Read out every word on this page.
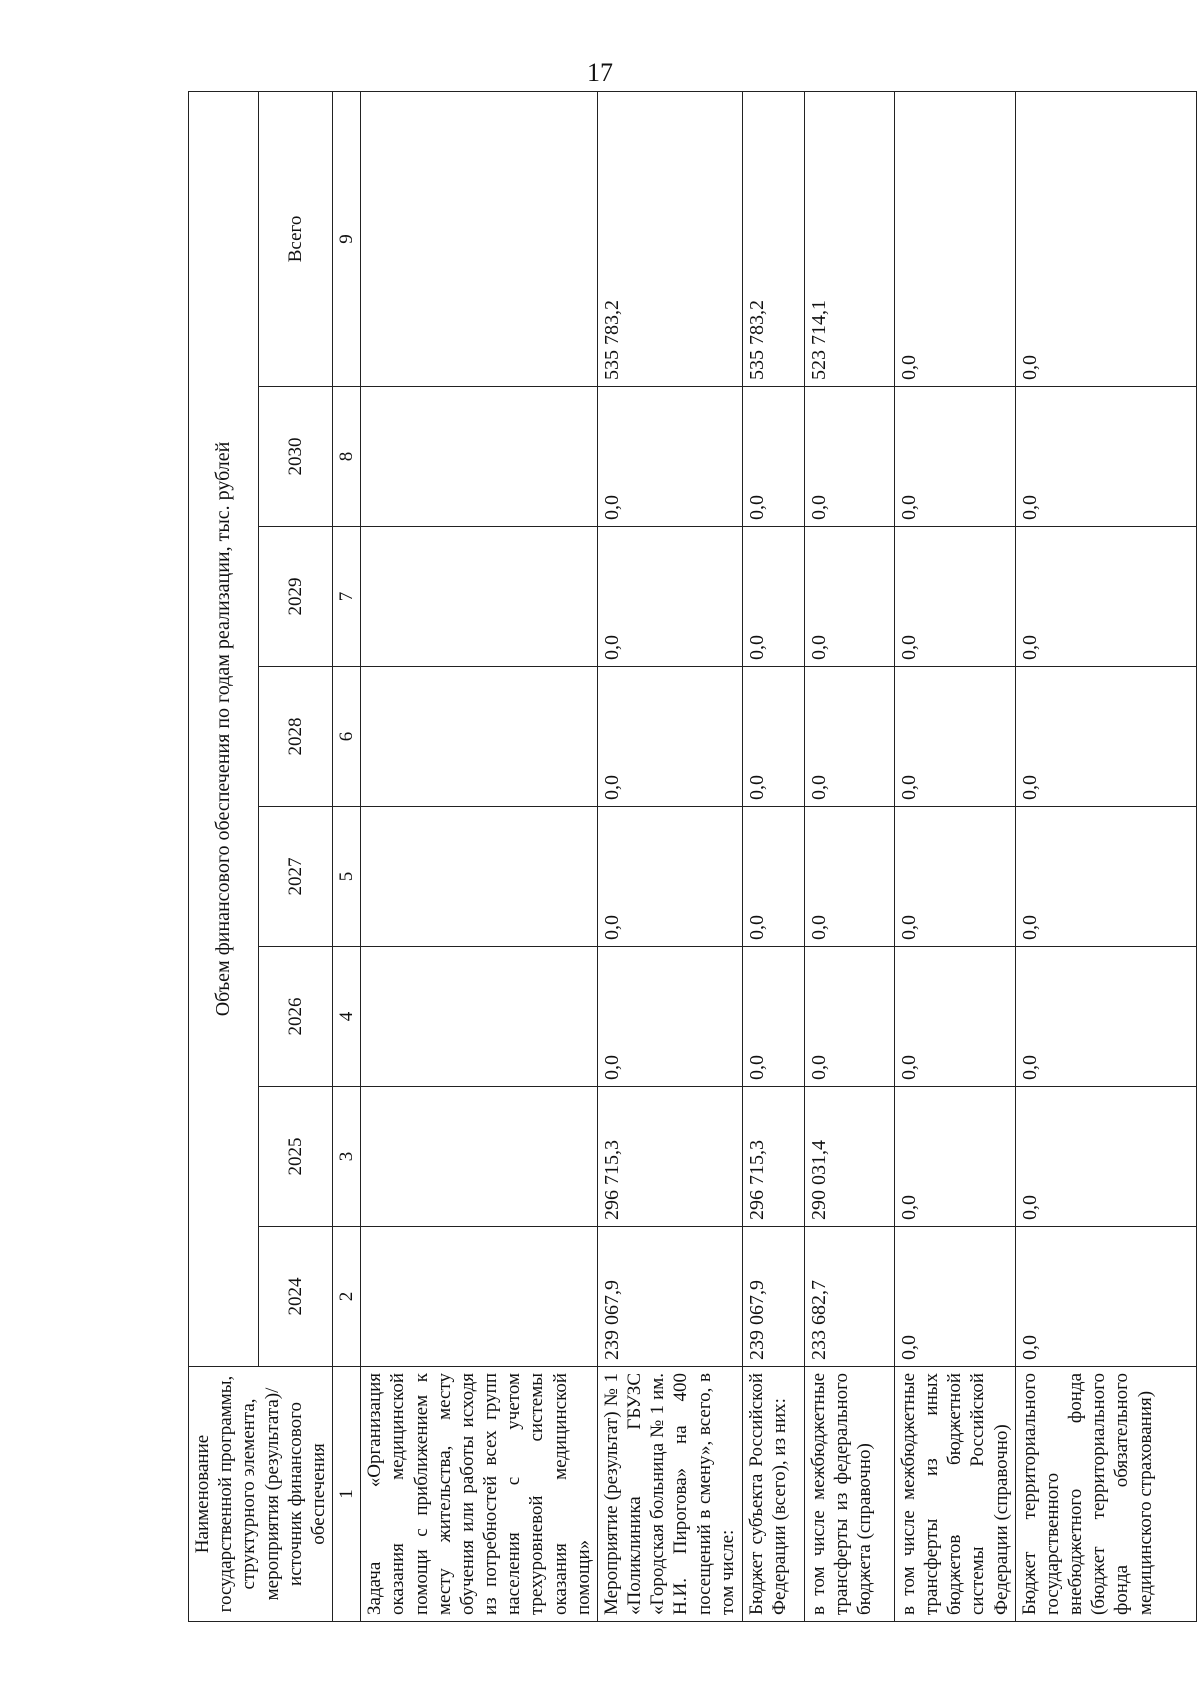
17
Наименование государственной программы, структурного элемента, мероприятия (результата)/источник финансового обеспечения	Объем финансового обеспечения по годам реализации, тыс. рублей							
	2024	2025	2026	2027	2028	2029	2030	Всего
1	2	3	4	5	6	7	8	9
Задача «Организация оказания медицинской помощи с приближением к месту жительства, месту обучения или работы исходя из потребностей всех групп населения с учетом трехуровневой системы оказания медицинской помощи»								
Мероприятие (результат) № 1 «Поликлиника ГБУЗС «Городская больница № 1 им. Н.И. Пирогова» на 400 посещений в смену», всего, в том числе:	239 067,9	296 715,3	0,0	0,0	0,0	0,0	0,0	535 783,2
Бюджет субъекта Российской Федерации (всего), из них:	239 067,9	296 715,3	0,0	0,0	0,0	0,0	0,0	535 783,2
в том числе межбюджетные трансферты из федерального бюджета (справочно)	233 682,7	290 031,4	0,0	0,0	0,0	0,0	0,0	523 714,1
в том числе межбюджетные трансферты из иных бюджетов бюджетной системы Российской Федерации (справочно)	0,0	0,0	0,0	0,0	0,0	0,0	0,0	0,0
Бюджет территориального государственного внебюджетного фонда (бюджет территориального фонда обязательного медицинского страхования)	0,0	0,0	0,0	0,0	0,0	0,0	0,0	0,0
